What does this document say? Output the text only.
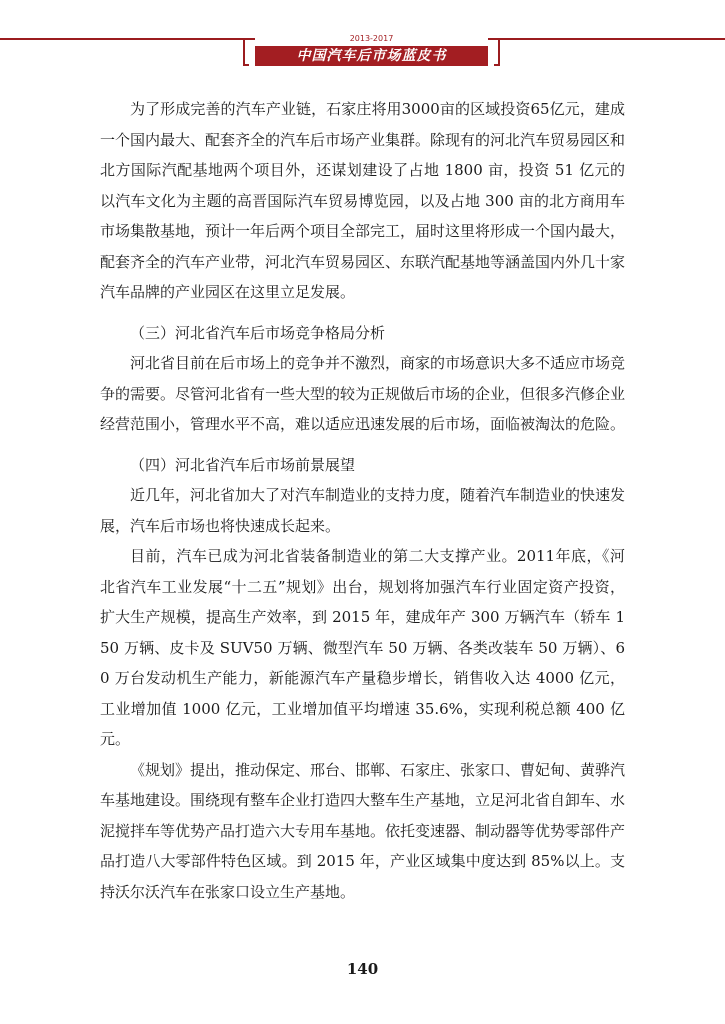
2013-2017
中国汽车后市场蓝皮书

为了形成完善的汽车产业链，石家庄将用3000亩的区域投资65亿元，建成一个国内最大、配套齐全的汽车后市场产业集群。除现有的河北汽车贸易园区和北方国际汽配基地两个项目外，还谋划建设了占地 1800 亩，投资 51 亿元的以汽车文化为主题的高晋国际汽车贸易博览园，以及占地 300 亩的北方商用车市场集散基地，预计一年后两个项目全部完工，届时这里将形成一个国内最大，配套齐全的汽车产业带，河北汽车贸易园区、东联汽配基地等涵盖国内外几十家汽车品牌的产业园区在这里立足发展。

（三）河北省汽车后市场竞争格局分析

河北省目前在后市场上的竞争并不激烈，商家的市场意识大多不适应市场竞争的需要。尽管河北省有一些大型的较为正规做后市场的企业，但很多汽修企业经营范围小，管理水平不高，难以适应迅速发展的后市场，面临被淘汰的危险。

（四）河北省汽车后市场前景展望

近几年，河北省加大了对汽车制造业的支持力度，随着汽车制造业的快速发展，汽车后市场也将快速成长起来。

目前，汽车已成为河北省装备制造业的第二大支撑产业。2011年底，《河北省汽车工业发展“十二五”规划》出台，规划将加强汽车行业固定资产投资，扩大生产规模，提高生产效率，到 2015 年，建成年产 300 万辆汽车（轿车 150 万辆、皮卡及 SUV50 万辆、微型汽车 50 万辆、各类改装车 50 万辆）、60 万台发动机生产能力，新能源汽车产量稳步增长，销售收入达 4000 亿元，工业增加值 1000 亿元，工业增加值平均增速 35.6%，实现利税总额 400 亿元。

《规划》提出，推动保定、邢台、邯郸、石家庄、张家口、曹妃甸、黄骅汽车基地建设。围绕现有整车企业打造四大整车生产基地，立足河北省自卸车、水泥搅拌车等优势产品打造六大专用车基地。依托变速器、制动器等优势零部件产品打造八大零部件特色区域。到 2015 年，产业区域集中度达到 85%以上。支持沃尔沃汽车在张家口设立生产基地。

140
